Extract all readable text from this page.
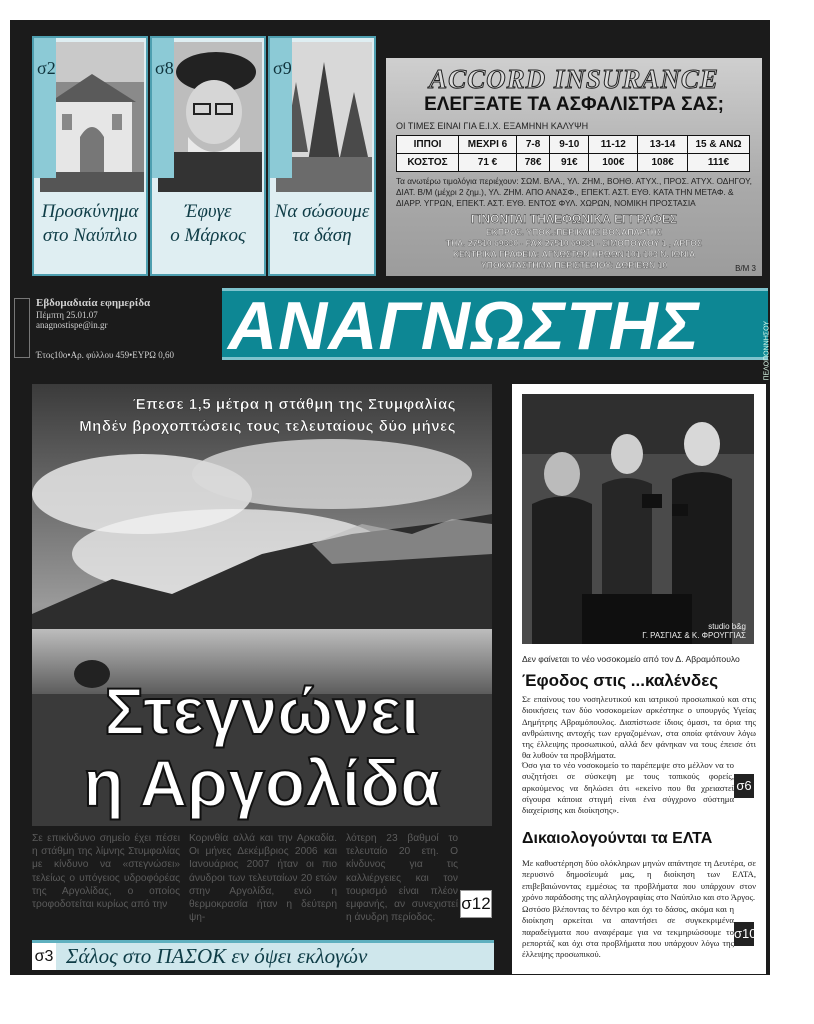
σ2
Προσκύνημα
στο Ναύπλιο
σ8
Έφυγε
ο Μάρκος
σ9
Να σώσουμε
τα δάση
ACCORD INSURANCE
ΕΛΕΓΞΑΤΕ ΤΑ ΑΣΦΑΛΙΣΤΡΑ ΣΑΣ;
ΟΙ ΤΙΜΕΣ ΕΙΝΑΙ ΓΙΑ Ε.Ι.Χ. ΕΞΑΜΗΝΗ ΚΑΛΥΨΗ
ΙΠΠΟΙ	ΜΕΧΡΙ 6	7-8	9-10	11-12	13-14	15 & ΑΝΩ
ΚΟΣΤΟΣ	71 €	78€	91€	100€	108€	111€
Τα ανωτέρω τιμολόγια περιέχουν: ΣΩΜ. ΒΛΑ., ΥΛ. ΖΗΜ., ΒΟΗΘ. ΑΤΥΧ., ΠΡΟΣ. ΑΤΥΧ. ΟΔΗΓΟΥ, ΔΙΑΤ. Β/Μ (μέχρι 2 ζημ.), ΥΛ. ΖΗΜ. ΑΠΟ ΑΝΑΣΦ., ΕΠΕΚΤ. ΑΣΤ. ΕΥΘ. ΚΑΤΑ ΤΗΝ ΜΕΤΑΦ. & ΔΙΑΡΡ. ΥΓΡΩΝ, ΕΠΕΚΤ. ΑΣΤ. ΕΥΘ. ΕΝΤΟΣ ΦΥΛ. ΧΩΡΩΝ, ΝΟΜΙΚΗ ΠΡΟΣΤΑΣΙΑ
ΓΙΝΟΝΤΑΙ ΤΗΛΕΦΩΝΙΚΑ ΕΓΓΡΑΦΕΣ
ΕΚΠΡΟΣ. ΥΠΟΚ.:ΠΕΡΙΚΛΗΣ ΒΟΝΑΠΑΡΤΗΣ
ΤΗΛ. 27510 69330 - FAX 27510 69331 - ΣΙΜΟΠΟΥΛΟΥ 1 , ΑΡΓΟΣ
ΚΕΝΤΡΙΚΑ ΓΡΑΦΕΙΑ: ΑΓΝΩΣΤΩΝ ΗΡΩΩΝ 101-103 Ν. ΙΩΝΙΑ
ΥΠΟΚΑΤΑΣΤΗΜΑ ΠΕΡΙΣΤΕΡΙΟΥ: ΔΩΡΙΕΩΝ 10	Β/Μ 3
Εβδομαδιαία εφημερίδα
Πέμπτη 25.01.07
anagnostispe@in.gr
Έτος10ο•Αρ. φύλλου 459•ΕΥΡΩ 0,60 ΑΝΑΓΝΩΣΤΗΣ	ΠΕΛΟΠΟΝΝΗΣΟΥ
Έπεσε 1,5 μέτρα η στάθμη της Στυμφαλίας
Μηδέν βροχοπτώσεις τους τελευταίους δύο μήνες
Στεγνώνει
η Αργολίδα
Σε επικίνδυνο σημείο έχει πέσει η στάθμη της λίμνης Στυμφαλίας με κίνδυνο να «στεγνώσει» τελείως ο υπόγειος υδροφόρέας της Αργολίδας, ο οποίος τροφοδοτείται κυρίως από την
Κορινθία αλλά και την Αρκαδία. Οι μήνες Δεκέμβριος 2006 και Ιανουάριος 2007 ήταν οι πιο άνυδροι των τελευταίων 20 ετών στην Αργολίδα, ενώ η θερμοκρασία ήταν η δεύτερη ψη-
λότερη 23 βαθμοί το τελευταίο 20 ετη. Ο κίνδυνος για τις καλλιέργειες και τον τουρισμό είναι πλέον εμφανής, αν συνεχιστεί η άνυδρη περίοδος.
σ12
σ3 Σάλος στο ΠΑΣΟΚ εν όψει εκλογών
studio b&g
Γ. ΡΑΣΓΙΑΣ & Κ. ΦΡΟΥΓΓΙΑΣ
Δεν φαίνεται το νέο νοσοκομείο από τον Δ. Αβραμόπουλο
Έφοδος στις ...καλένδες
Σε επαίνους του νοσηλευτικού και ιατρικού προσωπικού και στις διοικήσεις των δύο νοσοκομείων αρκέστηκε ο υπουργός Υγείας Δημήτρης Αβραμόπουλος. Διαπίστωσε ίδιοις όμασι, τα όρια της ανθρώπινης αντοχής των εργαζομένων, στα οποία φτάνουν λόγω της έλλειψης προσωπικού, αλλά δεν φάνηκαν να τους έπεισε ότι θα λυθούν τα προβλήματα.
Όσο για το νέο νοσοκομείο το παρέπεμψε στο μέλλον να το συζητήσει σε σύσκεψη με τους τοπικούς φορείς, αρκούμενος να δηλώσει ότι «εκείνο που θα χρειαστεί σίγουρα κάποια στιγμή είναι ένα σύγχρονο σύστημα διαχείρισης και διοίκησης».
σ6
Δικαιολογούνται τα ΕΛΤΑ
Με καθυστέρηση δύο ολόκληρων μηνών απάντησε τη Δευτέρα, σε περυσινό δημοσίευμά μας, η διοίκηση των ΕΛΤΑ, επιβεβαιώνοντας εμμέσως τα προβλήματα που υπάρχουν στον χρόνο παράδοσης της αλληλογραφίας στο Ναύπλιο και στο Άργος.
Ωστόσο βλέποντας το δέντρο και όχι το δάσος, ακόμα και η διοίκηση αρκείται να απαντήσει σε συγκεκριμένα παραδείγματα που αναφέραμε για να τεκμηριώσουμε το ρεπορτάζ και όχι στα προβλήματα που υπάρχουν λόγω της έλλειψης προσωπικού.
σ10
